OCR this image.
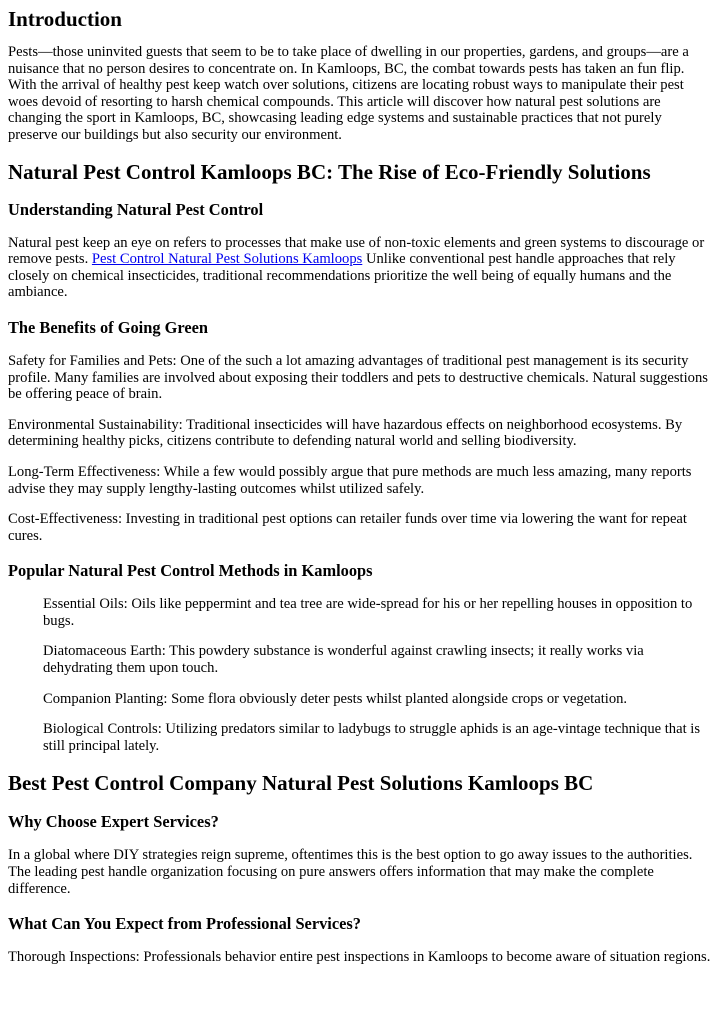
Introduction

Pests—those uninvited guests that seem to be to take place of dwelling in our properties, gardens, and groups—are a nuisance that no person desires to concentrate on. In Kamloops, BC, the combat towards pests has taken an fun flip. With the arrival of healthy pest keep watch over solutions, citizens are locating robust ways to manipulate their pest woes devoid of resorting to harsh chemical compounds. This article will discover how natural pest solutions are changing the sport in Kamloops, BC, showcasing leading edge systems and sustainable practices that not purely preserve our buildings but also security our environment.

Natural Pest Control Kamloops BC: The Rise of Eco-Friendly Solutions
Understanding Natural Pest Control

Natural pest keep an eye on refers to processes that make use of non-toxic elements and green systems to discourage or remove pests. Pest Control Natural Pest Solutions Kamloops Unlike conventional pest handle approaches that rely closely on chemical insecticides, traditional recommendations prioritize the well being of equally humans and the ambiance.

The Benefits of Going Green

Safety for Families and Pets: One of the such a lot amazing advantages of traditional pest management is its security profile. Many families are involved about exposing their toddlers and pets to destructive chemicals. Natural suggestions be offering peace of brain.

Environmental Sustainability: Traditional insecticides will have hazardous effects on neighborhood ecosystems. By determining healthy picks, citizens contribute to defending natural world and selling biodiversity.

Long-Term Effectiveness: While a few would possibly argue that pure methods are much less amazing, many reports advise they may supply lengthy-lasting outcomes whilst utilized safely.

Cost-Effectiveness: Investing in traditional pest options can retailer funds over time via lowering the want for repeat cures.

Popular Natural Pest Control Methods in Kamloops

Essential Oils: Oils like peppermint and tea tree are wide-spread for his or her repelling houses in opposition to bugs.

Diatomaceous Earth: This powdery substance is wonderful against crawling insects; it really works via dehydrating them upon touch.

Companion Planting: Some flora obviously deter pests whilst planted alongside crops or vegetation.

Biological Controls: Utilizing predators similar to ladybugs to struggle aphids is an age-vintage technique that is still principal lately.

Best Pest Control Company Natural Pest Solutions Kamloops BC
Why Choose Expert Services?

In a global where DIY strategies reign supreme, oftentimes this is the best option to go away issues to the authorities. The leading pest handle organization focusing on pure answers offers information that may make the complete difference.

What Can You Expect from Professional Services?

Thorough Inspections: Professionals behavior entire pest inspections in Kamloops to become aware of situation regions.
